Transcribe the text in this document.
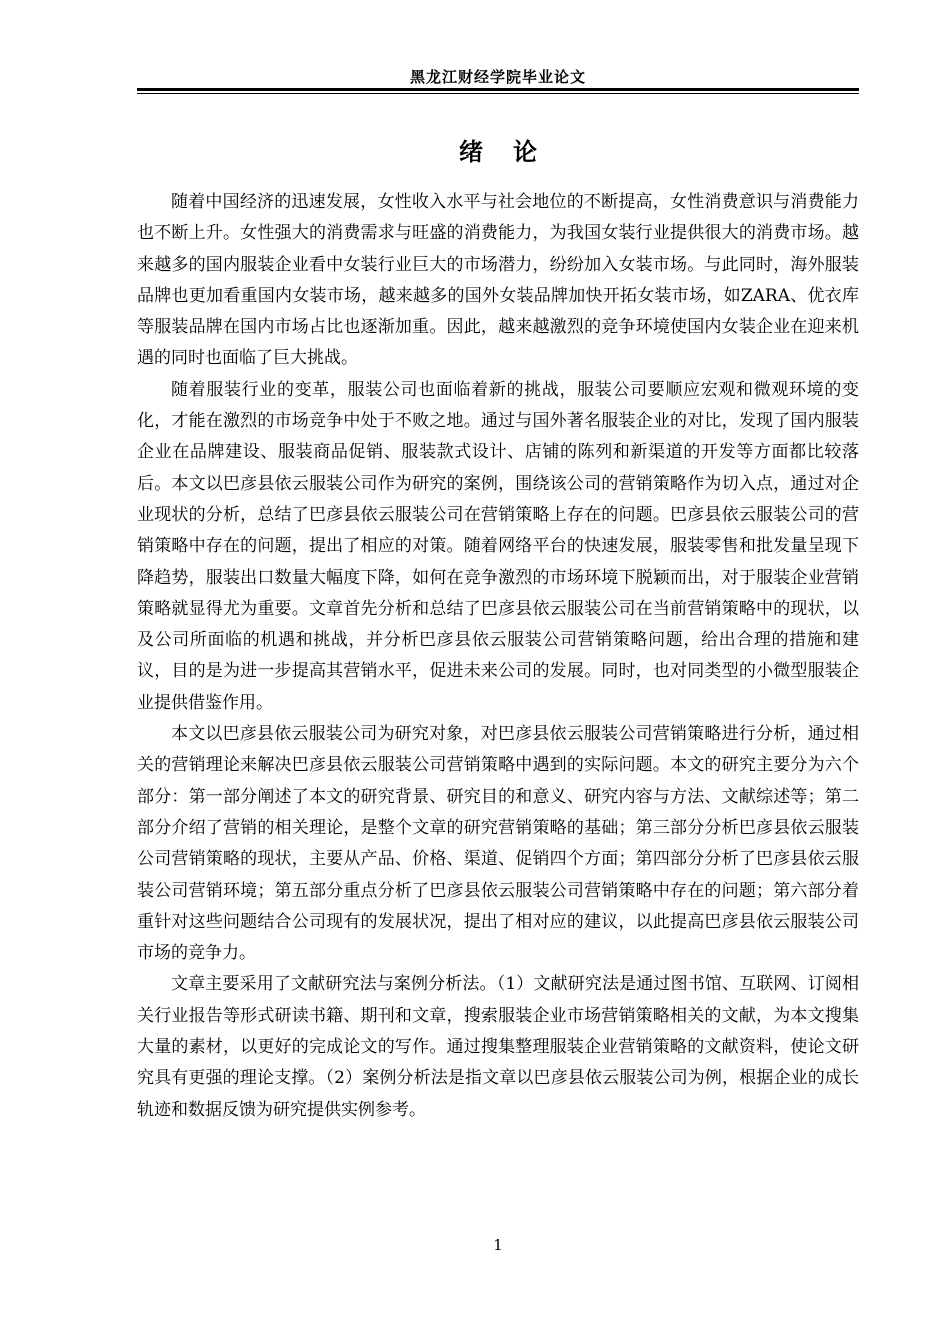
黑龙江财经学院毕业论文
绪论

随着中国经济的迅速发展，女性收入水平与社会地位的不断提高，女性消费意识与消费能力也不断上升。女性强大的消费需求与旺盛的消费能力，为我国女装行业提供很大的消费市场。越来越多的国内服装企业看中女装行业巨大的市场潜力，纷纷加入女装市场。与此同时，海外服装品牌也更加看重国内女装市场，越来越多的国外女装品牌加快开拓女装市场，如ZARA、优衣库等服装品牌在国内市场占比也逐渐加重。因此，越来越激烈的竞争环境使国内女装企业在迎来机遇的同时也面临了巨大挑战。

随着服装行业的变革，服装公司也面临着新的挑战，服装公司要顺应宏观和微观环境的变化，才能在激烈的市场竞争中处于不败之地。通过与国外著名服装企业的对比，发现了国内服装企业在品牌建设、服装商品促销、服装款式设计、店铺的陈列和新渠道的开发等方面都比较落后。本文以巴彦县依云服装公司作为研究的案例，围绕该公司的营销策略作为切入点，通过对企业现状的分析，总结了巴彦县依云服装公司在营销策略上存在的问题。巴彦县依云服装公司的营销策略中存在的问题，提出了相应的对策。随着网络平台的快速发展，服装零售和批发量呈现下降趋势，服装出口数量大幅度下降，如何在竞争激烈的市场环境下脱颖而出，对于服装企业营销策略就显得尤为重要。文章首先分析和总结了巴彦县依云服装公司在当前营销策略中的现状，以及公司所面临的机遇和挑战，并分析巴彦县依云服装公司营销策略问题，给出合理的措施和建议，目的是为进一步提高其营销水平，促进未来公司的发展。同时，也对同类型的小微型服装企业提供借鉴作用。

本文以巴彦县依云服装公司为研究对象，对巴彦县依云服装公司营销策略进行分析，通过相关的营销理论来解决巴彦县依云服装公司营销策略中遇到的实际问题。本文的研究主要分为六个部分：第一部分阐述了本文的研究背景、研究目的和意义、研究内容与方法、文献综述等；第二部分介绍了营销的相关理论，是整个文章的研究营销策略的基础；第三部分分析巴彦县依云服装公司营销策略的现状，主要从产品、价格、渠道、促销四个方面；第四部分分析了巴彦县依云服装公司营销环境；第五部分重点分析了巴彦县依云服装公司营销策略中存在的问题；第六部分着重针对这些问题结合公司现有的发展状况，提出了相对应的建议，以此提高巴彦县依云服装公司市场的竞争力。

文章主要采用了文献研究法与案例分析法。（1）文献研究法是通过图书馆、互联网、订阅相关行业报告等形式研读书籍、期刊和文章，搜索服装企业市场营销策略相关的文献，为本文搜集大量的素材，以更好的完成论文的写作。通过搜集整理服装企业营销策略的文献资料，使论文研究具有更强的理论支撑。（2）案例分析法是指文章以巴彦县依云服装公司为例，根据企业的成长轨迹和数据反馈为研究提供实例参考。

1
